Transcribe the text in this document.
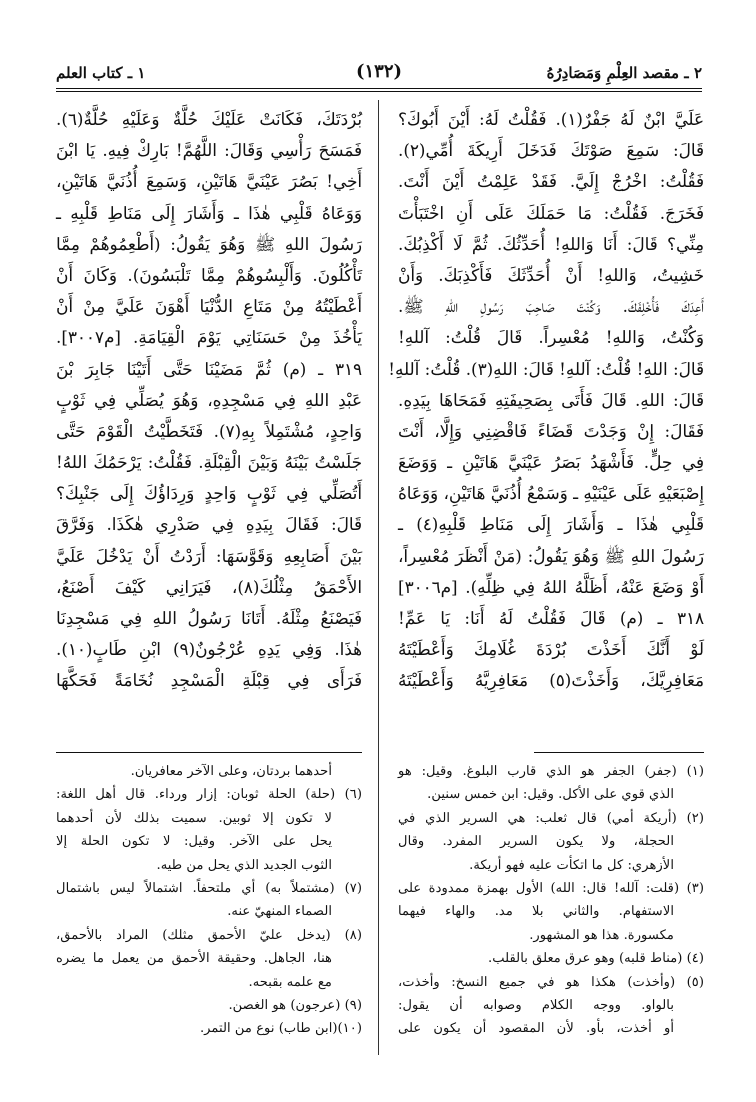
٢ ـ مقصد العِلْمِ وَمَصَادِرُهُ
(١٣٢)
١ ـ كتاب العلم
عَلَيَّ ابْنٌ لَهُ جَفْرٌ(١). فَقُلْتُ لَهُ: أَيْنَ أَبُوكَ؟
قَالَ: سَمِعَ صَوْتَكَ فَدَخَلَ أَرِيكَةَ أُمِّي(٢).
فَقُلْتُ: اخْرُجْ إِلَيَّ. فَقَدْ عَلِمْتُ أَيْنَ أَنْتَ.
فَخَرَجَ. فَقُلْتُ: مَا حَمَلَكَ عَلَى أَنِ اخْتَبَأْتَ
مِنِّي؟ قَالَ: أَنَا وَاللهِ! أُحَدِّثُكَ. ثُمَّ لَا أَكْذِبُكَ.
خَشِيتُ، وَاللهِ! أَنْ أُحَدِّثَكَ فَأَكْذِبَكَ. وَأَنْ
أَعِدَكَ فَأُخْلِفَكَ. وَكُنْتَ صَاحِبَ رَسُولِ اللهِ ﷺ.
وَكُنْتُ، وَاللهِ! مُعْسِراً. قَالَ قُلْتُ: آللهِ!
قَالَ: اللهِ! قُلْتُ: آللهِ! قَالَ: اللهِ(٣). قُلْتُ: آللهِ!
قَالَ: اللهِ. قَالَ فَأَتَى بِصَحِيفَتِهِ فَمَحَاهَا بِيَدِهِ.
فَقَالَ: إِنْ وَجَدْتَ قَضَاءً فَاقْضِنِي وَإِلَّا، أَنْتَ
فِي حِلٍّ. فَأَشْهَدُ بَصَرُ عَيْنَيَّ هَاتَيْنِ ـ وَوَضَعَ
إِصْبَعَيْهِ عَلَى عَيْنَيْهِ ـ وَسَمْعُ أُذُنَيَّ هَاتَيْنِ، وَوَعَاهُ
قَلْبِي هٰذَا ـ وَأَشَارَ إِلَى مَنَاطِ قَلْبِهِ(٤) ـ
رَسُولَ اللهِ ﷺ وَهُوَ يَقُولُ: (مَنْ أَنْظَرَ مُعْسِراً،
أَوْ وَضَعَ عَنْهُ، أَظَلَّهُ اللهُ فِي ظِلِّهِ). [م٣٠٠٦]
٣١٨ ـ (م) قَالَ فَقُلْتُ لَهُ أَنَا: يَا عَمِّ!
لَوْ أَنَّكَ أَخَذْتَ بُرْدَةَ غُلَامِكَ وَأَعْطَيْتَهُ
مَعَافِرِيَّكَ، وَأَخَذْتَ(٥) مَعَافِرِيَّهُ وَأَعْطَيْتَهُ
بُرْدَتَكَ، فَكَانَتْ عَلَيْكَ حُلَّةٌ وَعَلَيْهِ حُلَّةٌ(٦).
فَمَسَحَ رَأْسِي وَقَالَ: اللَّهُمَّ! بَارِكْ فِيهِ. يَا ابْنَ
أَخِي! بَصُرَ عَيْنَيَّ هَاتَيْنِ، وَسَمِعَ أُذُنَيَّ هَاتَيْنِ،
وَوَعَاهُ قَلْبِي هٰذَا ـ وَأَشَارَ إِلَى مَنَاطِ قَلْبِهِ ـ
رَسُولَ اللهِ ﷺ وَهُوَ يَقُولُ: (أَطْعِمُوهُمْ مِمَّا
تَأْكُلُونَ. وَأَلْبِسُوهُمْ مِمَّا تَلْبَسُونَ). وَكَانَ أَنْ
أَعْطَيْتُهُ مِنْ مَتَاعِ الدُّنْيَا أَهْوَنَ عَلَيَّ مِنْ أَنْ
يَأْخُذَ مِنْ حَسَنَاتِي يَوْمَ الْقِيَامَةِ. [م٣٠٠٧].
٣١٩ ـ (م) ثُمَّ مَضَيْنَا حَتَّى أَتَيْنَا جَابِرَ بْنَ
عَبْدِ اللهِ فِي مَسْجِدِهِ، وَهُوَ يُصَلِّي فِي ثَوْبٍ
وَاحِدٍ، مُشْتَمِلاً بِهِ(٧). فَتَخَطَّيْتُ الْقَوْمَ حَتَّى
جَلَسْتُ بَيْنَهُ وَبَيْنَ الْقِبْلَةِ. فَقُلْتُ: يَرْحَمُكَ اللهُ!
أَتُصَلِّي فِي ثَوْبٍ وَاحِدٍ وَرِدَاؤُكَ إِلَى جَنْبِكَ؟
قَالَ: فَقَالَ بِيَدِهِ فِي صَدْرِي هٰكَذَا. وَفَرَّقَ
بَيْنَ أَصَابِعِهِ وَقَوَّسَهَا: أَرَدْتُ أَنْ يَدْخُلَ عَلَيَّ
الأَحْمَقُ مِثْلُكَ(٨)، فَيَرَانِي كَيْفَ أَصْنَعُ،
فَيَصْنَعُ مِثْلَهُ. أَتَانَا رَسُولُ اللهِ فِي مَسْجِدِنَا
هٰذَا. وَفِي يَدِهِ عُرْجُونٌ(٩) ابْنِ طَابٍ(١٠).
فَرَأَى فِي قِبْلَةِ الْمَسْجِدِ نُخَامَةً فَحَكَّهَا
(١) (جفر) الجفر هو الذي قارب البلوغ. وقيل: هو
الذي قوي على الأكل. وقيل: ابن خمس سنين.
(٢) (أريكة أمي) قال ثعلب: هي السرير الذي في
الحجلة، ولا يكون السرير المفرد. وقال
الأزهري: كل ما اتكأت عليه فهو أريكة.
(٣) (قلت: آلله! قال: الله) الأول بهمزة ممدودة على
الاستفهام. والثاني بلا مد. والهاء فيهما
مكسورة. هذا هو المشهور.
(٤) (مناط قلبه) وهو عرق معلق بالقلب.
(٥) (وأخذت) هكذا هو في جميع النسخ: وأخذت،
بالواو. ووجه الكلام وصوابه أن يقول:
أو أخذت، بأو. لأن المقصود أن يكون على
أحدهما بردتان، وعلى الآخر معافريان.
(٦) (حلة) الحلة ثوبان: إزار ورداء. قال أهل اللغة:
لا تكون إلا ثوبين. سميت بذلك لأن أحدهما
يحل على الآخر. وقيل: لا تكون الحلة إلا
الثوب الجديد الذي يحل من طيه.
(٧) (مشتملاً به) أي ملتحفاً. اشتمالاً ليس باشتمال
الصماء المنهيّ عنه.
(٨) (يدخل عليّ الأحمق مثلك) المراد بالأحمق،
هنا، الجاهل. وحقيقة الأحمق من يعمل ما يضره
مع علمه بقبحه.
(٩) (عرجون) هو الغصن.
(١٠)(ابن طاب) نوع من التمر.
